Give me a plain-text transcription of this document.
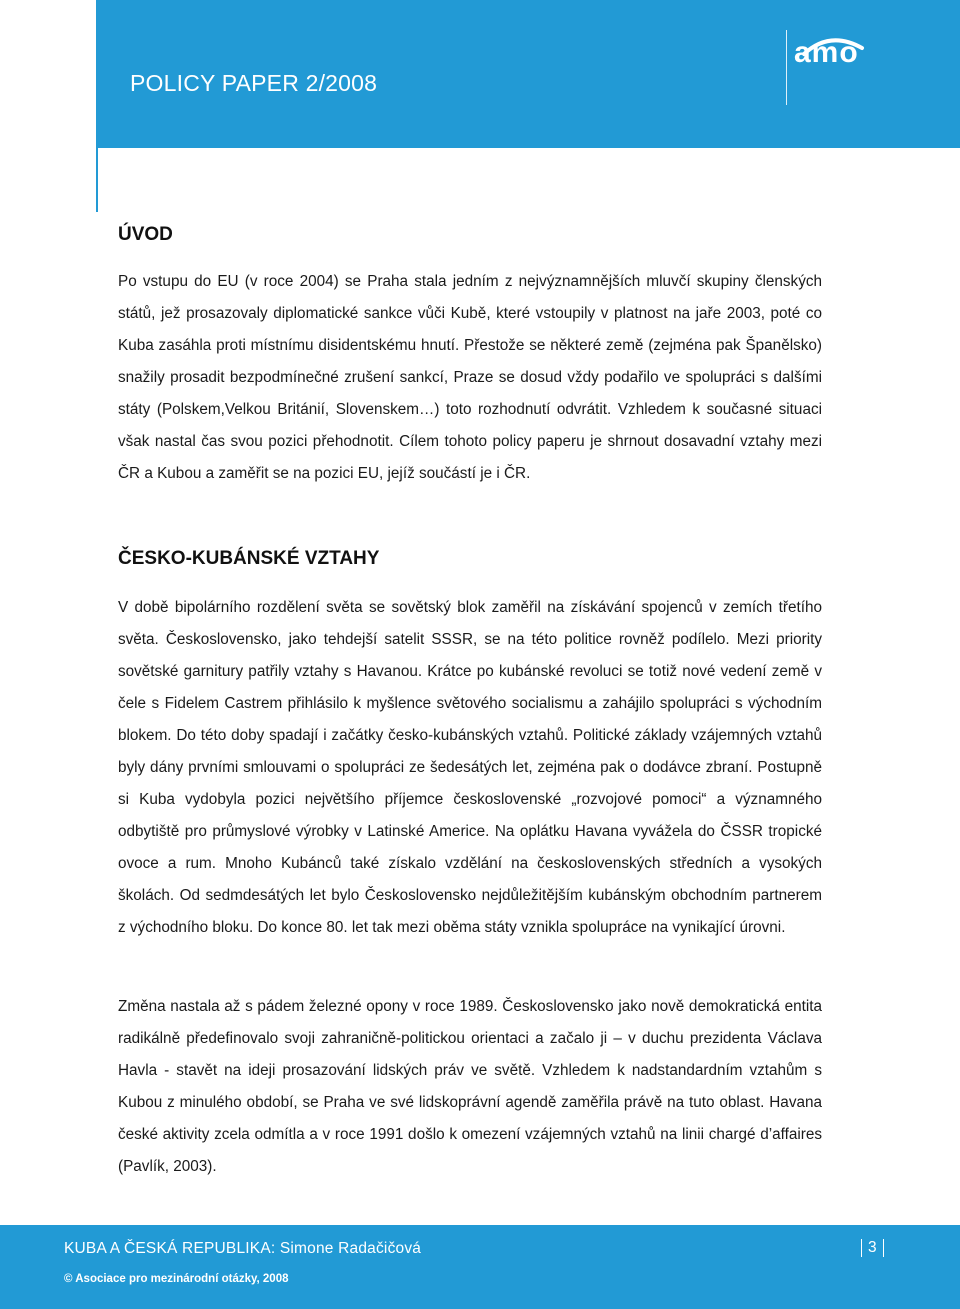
POLICY PAPER 2/2008
amo
ÚVOD

Po vstupu do EU (v roce 2004) se Praha stala jedním z nejvýznamnějších mluvčí skupiny členských států, jež prosazovaly diplomatické sankce vůči Kubě, které vstoupily v platnost na jaře 2003, poté co Kuba zasáhla proti místnímu disidentskému hnutí. Přestože se některé země (zejména pak Španělsko) snažily prosadit bezpodmínečné zrušení sankcí, Praze se dosud vždy podařilo ve spolupráci s dalšími státy (Polskem,Velkou Británií, Slovenskem…) toto rozhodnutí odvrátit. Vzhledem k současné situaci však nastal čas svou pozici přehodnotit. Cílem tohoto policy paperu je shrnout dosavadní vztahy mezi ČR a Kubou a zaměřit se na pozici EU, jejíž součástí je i ČR.

ČESKO-KUBÁNSKÉ VZTAHY

V době bipolárního rozdělení světa se sovětský blok zaměřil na získávání spojenců v zemích třetího světa. Československo, jako tehdejší satelit SSSR, se na této politice rovněž podílelo. Mezi priority sovětské garnitury patřily vztahy s Havanou. Krátce po kubánské revoluci se totiž nové vedení země v čele s Fidelem Castrem přihlásilo k myšlence světového socialismu a zahájilo spolupráci s východním blokem. Do této doby spadají i začátky česko-kubánských vztahů. Politické základy vzájemných vztahů byly dány prvními smlouvami o spolupráci ze šedesátých let, zejména pak o dodávce zbraní. Postupně si Kuba vydobyla pozici největšího příjemce československé „rozvojové pomoci“ a významného odbytiště pro průmyslové výrobky v Latinské Americe. Na oplátku Havana vyvážela do ČSSR tropické ovoce a rum. Mnoho Kubánců také získalo vzdělání na československých středních a vysokých školách. Od sedmdesátých let bylo Československo nejdůležitějším kubánským obchodním partnerem z východního bloku. Do konce 80. let tak mezi oběma státy vznikla spolupráce na vynikající úrovni.

Změna nastala až s pádem železné opony v roce 1989. Československo jako nově demokratická entita radikálně předefinovalo svoji zahraničně-politickou orientaci a začalo ji – v duchu prezidenta Václava Havla - stavět na ideji prosazování lidských práv ve světě. Vzhledem k nadstandardním vztahům s Kubou z minulého období, se Praha ve své lidskoprávní agendě zaměřila právě na tuto oblast. Havana české aktivity zcela odmítla a v roce 1991 došlo k omezení vzájemných vztahů na linii chargé d’affaires (Pavlík, 2003).

KUBA A ČESKÁ REPUBLIKA: Simone Radačičová	3
© Asociace pro mezinárodní otázky, 2008
